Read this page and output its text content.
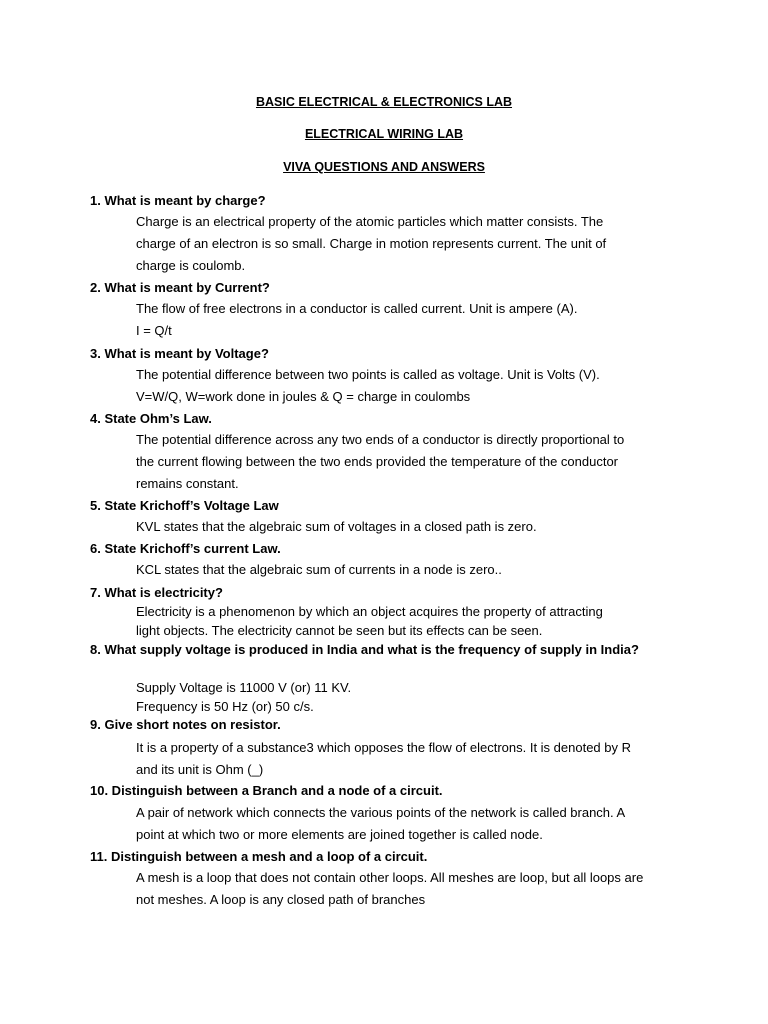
BASIC ELECTRICAL & ELECTRONICS LAB
ELECTRICAL WIRING LAB
VIVA QUESTIONS AND ANSWERS
1. What is meant by charge?
Charge is an electrical property of the atomic particles which matter consists. The
charge of an electron is so small. Charge in motion represents current. The unit of
charge is coulomb.
2. What is meant by Current?
The flow of free electrons in a conductor is called current. Unit is ampere (A).
I = Q/t
3. What is meant by Voltage?
The potential difference between two points is called as voltage. Unit is Volts (V).
V=W/Q, W=work done in joules & Q = charge in coulombs
4. State Ohm’s Law.
The potential difference across any two ends of a conductor is directly proportional to
the current flowing between the two ends provided the temperature of the conductor
remains constant.
5. State Krichoff’s Voltage Law
KVL states that the algebraic sum of voltages in a closed path is zero.
6. State Krichoff’s current Law.
KCL states that the algebraic sum of currents in a node is zero..
7. What is electricity?
Electricity is a phenomenon by which an object acquires the property of attracting
light objects. The electricity cannot be seen but its effects can be seen.
8. What supply voltage is produced in India and what is the frequency of supply in India?
Supply Voltage is 11000 V (or) 11 KV.
Frequency is 50 Hz (or) 50 c/s.
9. Give short notes on resistor.
It is a property of a substance3 which opposes the flow of electrons. It is denoted by R
and its unit is Ohm (_)
10. Distinguish between a Branch and a node of a circuit.
A pair of network which connects the various points of the network is called branch. A
point at which two or more elements are joined together is called node.
11. Distinguish between a mesh and a loop of a circuit.
A mesh is a loop that does not contain other loops. All meshes are loop, but all loops are
not meshes. A loop is any closed path of branches
